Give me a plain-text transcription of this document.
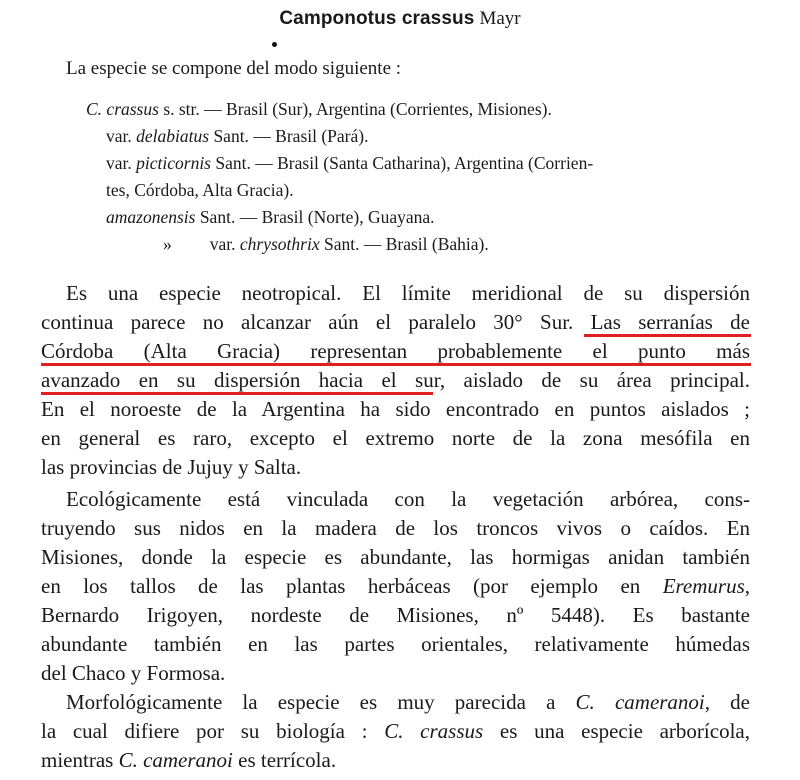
Camponotus crassus Mayr
La especie se compone del modo siguiente :
C. crassus s. str. — Brasil (Sur), Argentina (Corrientes, Misiones).
var. delabiatus Sant. — Brasil (Pará).
var. picticornis Sant. — Brasil (Santa Catharina), Argentina (Corrien-
tes, Córdoba, Alta Gracia).
amazonensis Sant. — Brasil (Norte), Guayana.
» var. chrysothrix Sant. — Brasil (Bahia).
Es una especie neotropical. El límite meridional de su dispersión
continua parece no alcanzar aún el paralelo 30° Sur. Las serranías de
Córdoba (Alta Gracia) representan probablemente el punto más
avanzado en su dispersión hacia el sur, aislado de su área principal.
En el noroeste de la Argentina ha sido encontrado en puntos aislados ;
en general es raro, excepto el extremo norte de la zona mesófila en
las provincias de Jujuy y Salta.
Ecológicamente está vinculada con la vegetación arbórea, cons-
truyendo sus nidos en la madera de los troncos vivos o caídos. En
Misiones, donde la especie es abundante, las hormigas anidan también
en los tallos de las plantas herbáceas (por ejemplo en Eremurus,
Bernardo Irigoyen, nordeste de Misiones, nº 5448). Es bastante
abundante también en las partes orientales, relativamente húmedas
del Chaco y Formosa.
Morfológicamente la especie es muy parecida a C. cameranoi, de
la cual difiere por su biología : C. crassus es una especie arborícola,
mientras C. cameranoi es terrícola.
